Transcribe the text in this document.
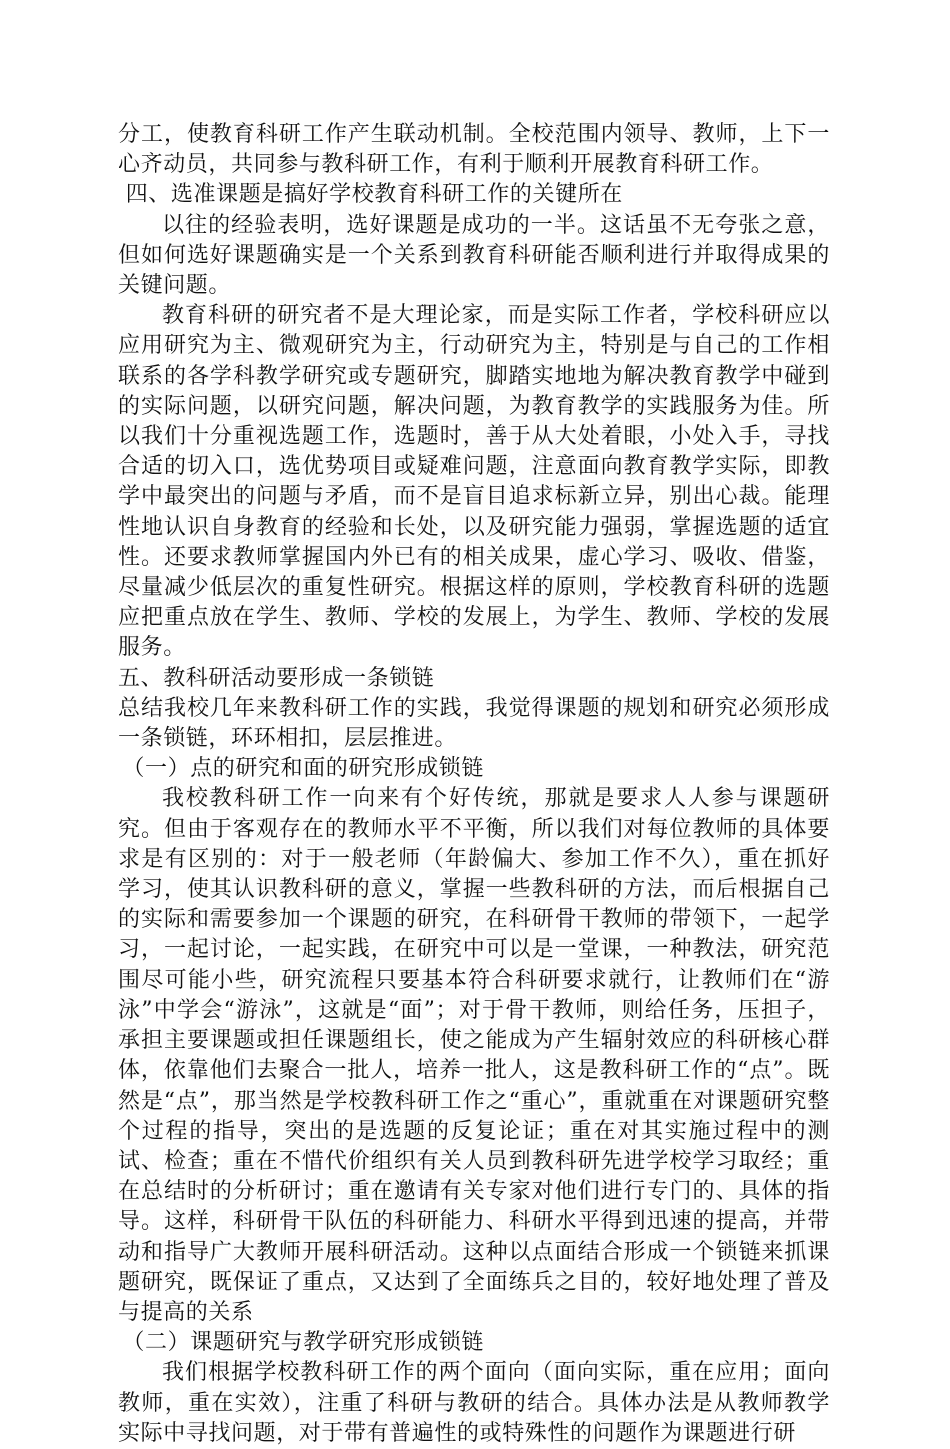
分工，使教育科研工作产生联动机制。全校范围内领导、教师，上下一心齐动员，共同参与教科研工作，有利于顺利开展教育科研工作。

四、选准课题是搞好学校教育科研工作的关键所在

以往的经验表明，选好课题是成功的一半。这话虽不无夸张之意，但如何选好课题确实是一个关系到教育科研能否顺利进行并取得成果的关键问题。

教育科研的研究者不是大理论家，而是实际工作者，学校科研应以应用研究为主、微观研究为主，行动研究为主，特别是与自己的工作相联系的各学科教学研究或专题研究，脚踏实地地为解决教育教学中碰到的实际问题，以研究问题，解决问题，为教育教学的实践服务为佳。所以我们十分重视选题工作，选题时，善于从大处着眼，小处入手，寻找合适的切入口，选优势项目或疑难问题，注意面向教育教学实际，即教学中最突出的问题与矛盾，而不是盲目追求标新立异，别出心裁。能理性地认识自身教育的经验和长处，以及研究能力强弱，掌握选题的适宜性。还要求教师掌握国内外已有的相关成果，虚心学习、吸收、借鉴，尽量减少低层次的重复性研究。根据这样的原则，学校教育科研的选题应把重点放在学生、教师、学校的发展上，为学生、教师、学校的发展服务。

五、教科研活动要形成一条锁链

总结我校几年来教科研工作的实践，我觉得课题的规划和研究必须形成一条锁链，环环相扣，层层推进。

（一）点的研究和面的研究形成锁链

我校教科研工作一向来有个好传统，那就是要求人人参与课题研究。但由于客观存在的教师水平不平衡，所以我们对每位教师的具体要求是有区别的：对于一般老师（年龄偏大、参加工作不久），重在抓好学习，使其认识教科研的意义，掌握一些教科研的方法，而后根据自己的实际和需要参加一个课题的研究，在科研骨干教师的带领下，一起学习，一起讨论，一起实践，在研究中可以是一堂课，一种教法，研究范围尽可能小些，研究流程只要基本符合科研要求就行，让教师们在“游泳”中学会“游泳”，这就是“面”；对于骨干教师，则给任务，压担子，承担主要课题或担任课题组长，使之能成为产生辐射效应的科研核心群体，依靠他们去聚合一批人，培养一批人，这是教科研工作的“点”。既然是“点”，那当然是学校教科研工作之“重心”，重就重在对课题研究整个过程的指导，突出的是选题的反复论证；重在对其实施过程中的测试、检查；重在不惜代价组织有关人员到教科研先进学校学习取经；重在总结时的分析研讨；重在邀请有关专家对他们进行专门的、具体的指导。这样，科研骨干队伍的科研能力、科研水平得到迅速的提高，并带动和指导广大教师开展科研活动。这种以点面结合形成一个锁链来抓课题研究，既保证了重点，又达到了全面练兵之目的，较好地处理了普及与提高的关系

（二）课题研究与教学研究形成锁链

我们根据学校教科研工作的两个面向（面向实际，重在应用；面向教师，重在实效），注重了科研与教研的结合。具体办法是从教师教学实际中寻找问题，对于带有普遍性的或特殊性的问题作为课题进行研
